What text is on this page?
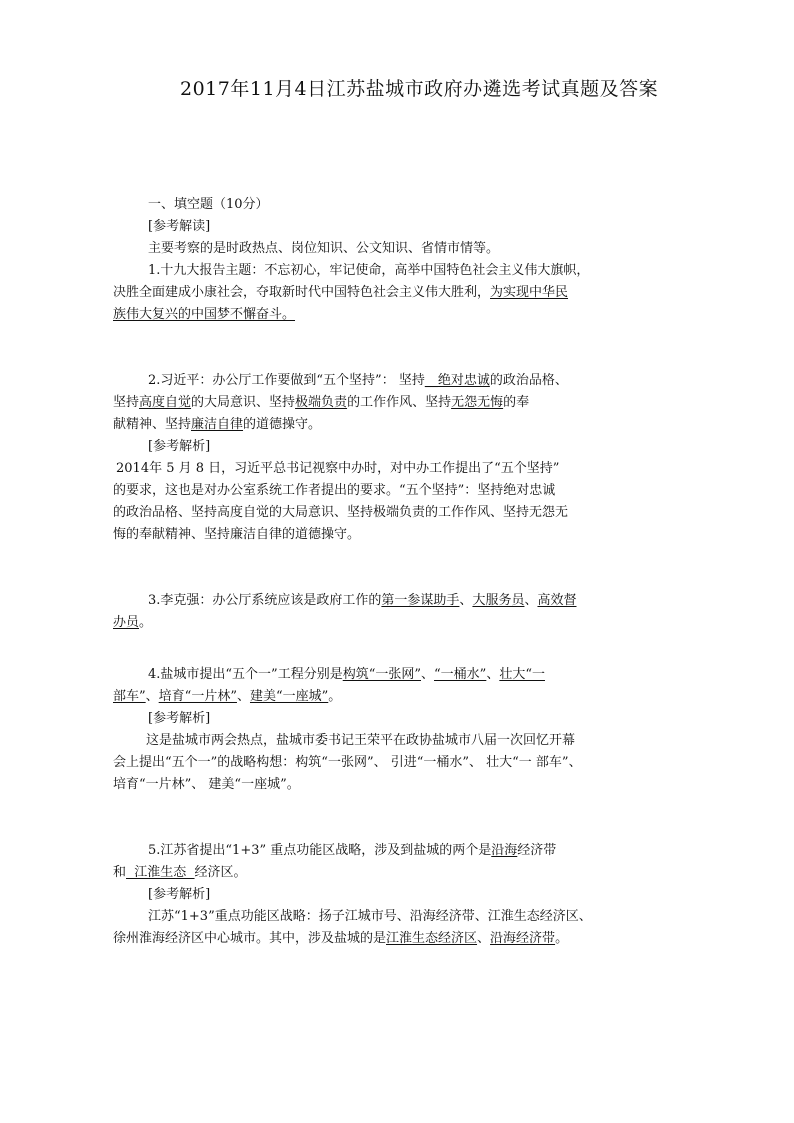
2017年11月4日江苏盐城市政府办遴选考试真题及答案
一、填空题（10分）
[参考解读]
主要考察的是时政热点、岗位知识、公文知识、省情市情等。
1.十九大报告主题：不忘初心，牢记使命，高举中国特色社会主义伟大旗帜，
决胜全面建成小康社会，夺取新时代中国特色社会主义伟大胜利，为实现中华民
族伟大复兴的中国梦不懈奋斗。
2.习近平：办公厅工作要做到“五个坚持”： 坚持__绝对忠诚的政治品格、
坚持高度自觉的大局意识、坚持极端负责的工作作风、坚持无怨无悔的奉
献精神、坚持廉洁自律的道德操守。
[参考解析]
2014年 5 月 8 日，习近平总书记视察中办时，对中办工作提出了“五个坚持”
的要求，这也是对办公室系统工作者提出的要求。“五个坚持”：坚持绝对忠诚
的政治品格、坚持高度自觉的大局意识、坚持极端负责的工作作风、坚持无怨无
悔的奉献精神、坚持廉洁自律的道德操守。
3.李克强：办公厅系统应该是政府工作的第一参谋助手、大服务员、高效督
办员。
4.盐城市提出“五个一”工程分别是构筑“一张网”、“一桶水”、壮大“一
部车”、培育“一片林”、建美“一座城”。
[参考解析]
这是盐城市两会热点，盐城市委书记王荣平在政协盐城市八届一次回忆开幕
会上提出“五个一”的战略构想：构筑“一张网”、 引进“一桶水”、 壮大“一 部车”、
培育“一片林”、 建美“一座城”。
5.江苏省提出“1+3” 重点功能区战略，涉及到盐城的两个是沿海经济带
和  江淮生态  经济区。
[参考解析]
江苏“1+3”重点功能区战略：扬子江城市号、沿海经济带、江淮生态经济区、
徐州淮海经济区中心城市。其中，涉及盐城的是江淮生态经济区、沿海经济带。
